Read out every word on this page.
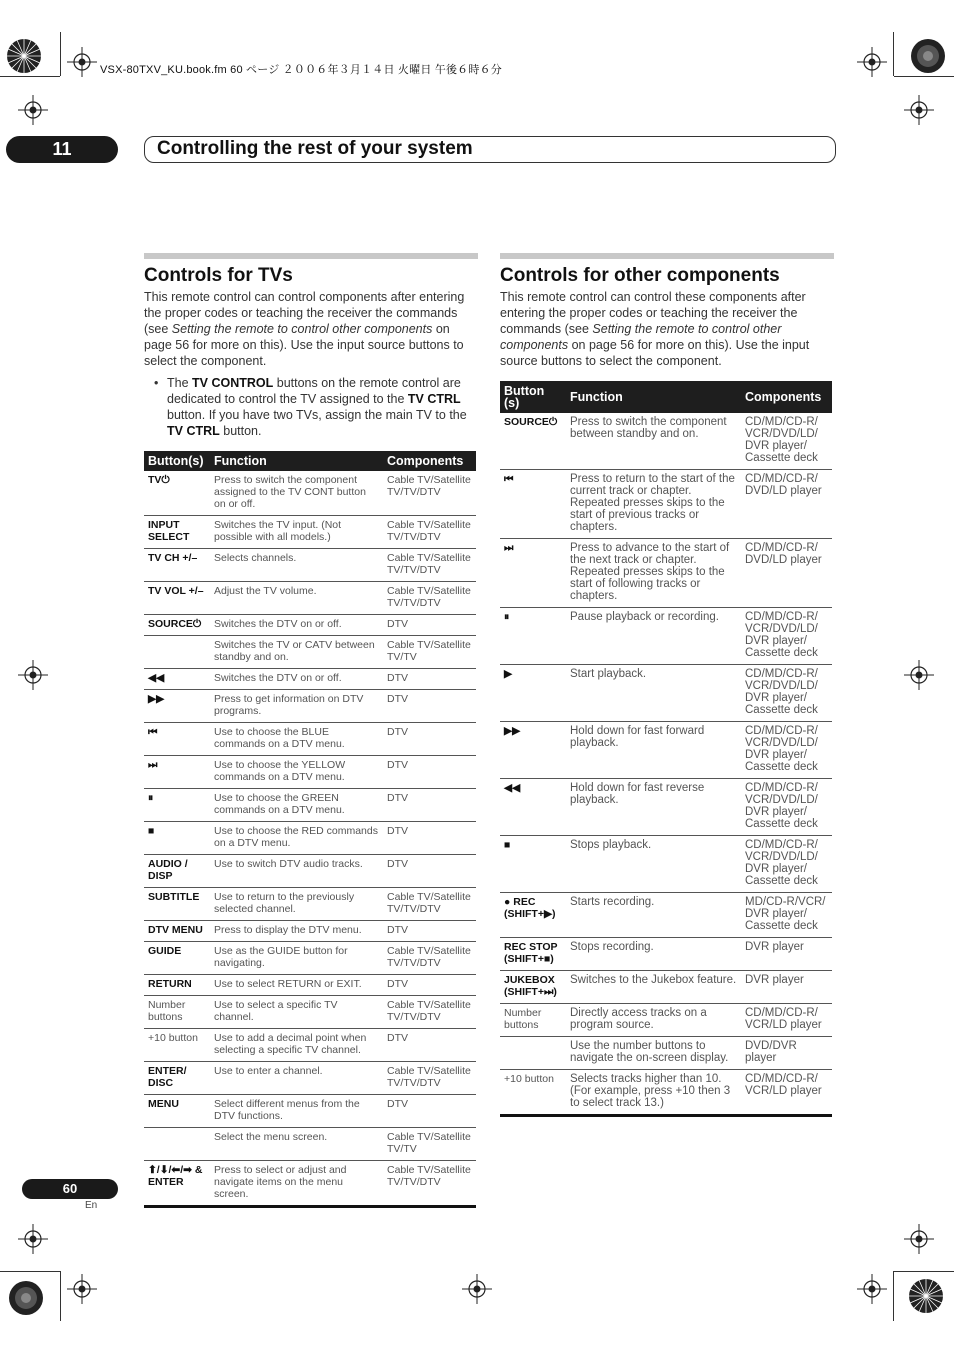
VSX-80TXV_KU.book.fm 60 ページ ２００６年３月１４日 火曜日 午後６時６分
11	Controlling the rest of your system
Controls for TVs

This remote control can control components after entering the proper codes or teaching the receiver the commands (see Setting the remote to control other components on page 56 for more on this). Use the input source buttons to select the component.

• The TV CONTROL buttons on the remote control are dedicated to control the TV assigned to the TV CTRL button. If you have two TVs, assign the main TV to the TV CTRL button.
Button(s)	Function	Components
TV⏻	Press to switch the component assigned to the TV CONT button on or off.	Cable TV/Satellite TV/TV/DTV
INPUT SELECT	Switches the TV input. (Not possible with all models.)	Cable TV/Satellite TV/TV/DTV
TV CH +/–	Selects channels.	Cable TV/Satellite TV/TV/DTV
TV VOL +/–	Adjust the TV volume.	Cable TV/Satellite TV/TV/DTV
SOURCE⏻	Switches the DTV on or off.	DTV
	Switches the TV or CATV between standby and on.	Cable TV/Satellite TV/TV
◀◀	Switches the DTV on or off.	DTV
▶▶	Press to get information on DTV programs.	DTV
⏮	Use to choose the BLUE commands on a DTV menu.	DTV
⏭	Use to choose the YELLOW commands on a DTV menu.	DTV
⏸	Use to choose the GREEN commands on a DTV menu.	DTV
■	Use to choose the RED commands on a DTV menu.	DTV
AUDIO / DISP	Use to switch DTV audio tracks.	DTV
SUBTITLE	Use to return to the previously selected channel.	Cable TV/Satellite TV/TV/DTV
DTV MENU	Press to display the DTV menu.	DTV
GUIDE	Use as the GUIDE button for navigating.	Cable TV/Satellite TV/TV/DTV
RETURN	Use to select RETURN or EXIT.	DTV
Number buttons	Use to select a specific TV channel.	Cable TV/Satellite TV/TV/DTV
+10 button	Use to add a decimal point when selecting a specific TV channel.	DTV
ENTER/ DISC	Use to enter a channel.	Cable TV/Satellite TV/TV/DTV
MENU	Select different menus from the DTV functions.	DTV
	Select the menu screen.	Cable TV/Satellite TV/TV
⬆/⬇/⬅/➡ & ENTER	Press to select or adjust and navigate items on the menu screen.	Cable TV/Satellite TV/TV/DTV
Controls for other components

This remote control can control these components after entering the proper codes or teaching the receiver the commands (see Setting the remote to control other components on page 56 for more on this). Use the input source buttons to select the component.

Button (s)	Function	Components
SOURCE⏻	Press to switch the component between standby and on.	CD/MD/CD-R/ VCR/DVD/LD/ DVR player/ Cassette deck
⏮	Press to return to the start of the current track or chapter. Repeated presses skips to the start of previous tracks or chapters.	CD/MD/CD-R/ DVD/LD player
⏭	Press to advance to the start of the next track or chapter. Repeated presses skips to the start of following tracks or chapters.	CD/MD/CD-R/ DVD/LD player
⏸	Pause playback or recording.	CD/MD/CD-R/ VCR/DVD/LD/ DVR player/ Cassette deck
▶	Start playback.	CD/MD/CD-R/ VCR/DVD/LD/ DVR player/ Cassette deck
▶▶	Hold down for fast forward playback.	CD/MD/CD-R/ VCR/DVD/LD/ DVR player/ Cassette deck
◀◀	Hold down for fast reverse playback.	CD/MD/CD-R/ VCR/DVD/LD/ DVR player/ Cassette deck
■	Stops playback.	CD/MD/CD-R/ VCR/DVD/LD/ DVR player/ Cassette deck
● REC (SHIFT+▶)	Starts recording.	MD/CD-R/VCR/ DVR player/ Cassette deck
REC STOP (SHIFT+■)	Stops recording.	DVR player
JUKEBOX (SHIFT+⏭)	Switches to the Jukebox feature.	DVR player
Number buttons	Directly access tracks on a program source.	CD/MD/CD-R/ VCR/LD player
	Use the number buttons to navigate the on-screen display.	DVD/DVR player
+10 button	Selects tracks higher than 10. (For example, press +10 then 3 to select track 13.)	CD/MD/CD-R/ VCR/LD player
60
En
